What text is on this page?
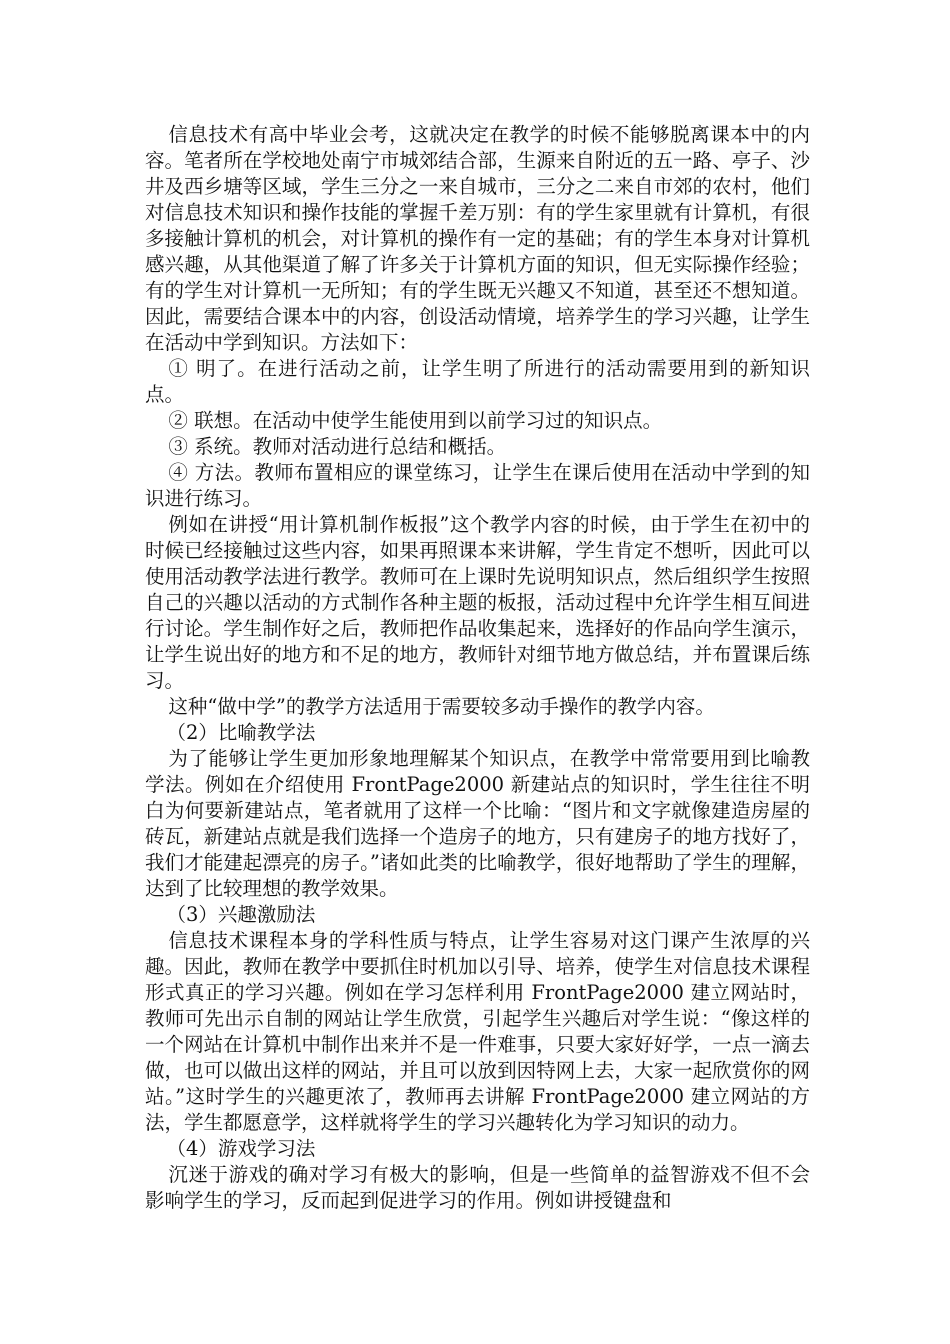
信息技术有高中毕业会考，这就决定在教学的时候不能够脱离课本中的内容。笔者所在学校地处南宁市城郊结合部，生源来自附近的五一路、亭子、沙井及西乡塘等区域，学生三分之一来自城市，三分之二来自市郊的农村，他们对信息技术知识和操作技能的掌握千差万别：有的学生家里就有计算机，有很多接触计算机的机会，对计算机的操作有一定的基础；有的学生本身对计算机感兴趣，从其他渠道了解了许多关于计算机方面的知识，但无实际操作经验；有的学生对计算机一无所知；有的学生既无兴趣又不知道，甚至还不想知道。因此，需要结合课本中的内容，创设活动情境，培养学生的学习兴趣，让学生在活动中学到知识。方法如下：

① 明了。在进行活动之前，让学生明了所进行的活动需要用到的新知识点。

② 联想。在活动中使学生能使用到以前学习过的知识点。

③ 系统。教师对活动进行总结和概括。

④ 方法。教师布置相应的课堂练习，让学生在课后使用在活动中学到的知识进行练习。

例如在讲授“用计算机制作板报”这个教学内容的时候，由于学生在初中的时候已经接触过这些内容，如果再照课本来讲解，学生肯定不想听，因此可以使用活动教学法进行教学。教师可在上课时先说明知识点，然后组织学生按照自己的兴趣以活动的方式制作各种主题的板报，活动过程中允许学生相互间进行讨论。学生制作好之后，教师把作品收集起来，选择好的作品向学生演示，让学生说出好的地方和不足的地方，教师针对细节地方做总结，并布置课后练习。

这种“做中学”的教学方法适用于需要较多动手操作的教学内容。

（2）比喻教学法

为了能够让学生更加形象地理解某个知识点，在教学中常常要用到比喻教学法。例如在介绍使用 FrontPage2000 新建站点的知识时，学生往往不明白为何要新建站点，笔者就用了这样一个比喻：“图片和文字就像建造房屋的砖瓦，新建站点就是我们选择一个造房子的地方，只有建房子的地方找好了，我们才能建起漂亮的房子。”诸如此类的比喻教学，很好地帮助了学生的理解，达到了比较理想的教学效果。

（3）兴趣激励法

信息技术课程本身的学科性质与特点，让学生容易对这门课产生浓厚的兴趣。因此，教师在教学中要抓住时机加以引导、培养，使学生对信息技术课程形式真正的学习兴趣。例如在学习怎样利用 FrontPage2000 建立网站时，教师可先出示自制的网站让学生欣赏，引起学生兴趣后对学生说：“像这样的一个网站在计算机中制作出来并不是一件难事，只要大家好好学，一点一滴去做，也可以做出这样的网站，并且可以放到因特网上去，大家一起欣赏你的网站。”这时学生的兴趣更浓了，教师再去讲解 FrontPage2000 建立网站的方法，学生都愿意学，这样就将学生的学习兴趣转化为学习知识的动力。

（4）游戏学习法

沉迷于游戏的确对学习有极大的影响，但是一些简单的益智游戏不但不会影响学生的学习，反而起到促进学习的作用。例如讲授键盘和
